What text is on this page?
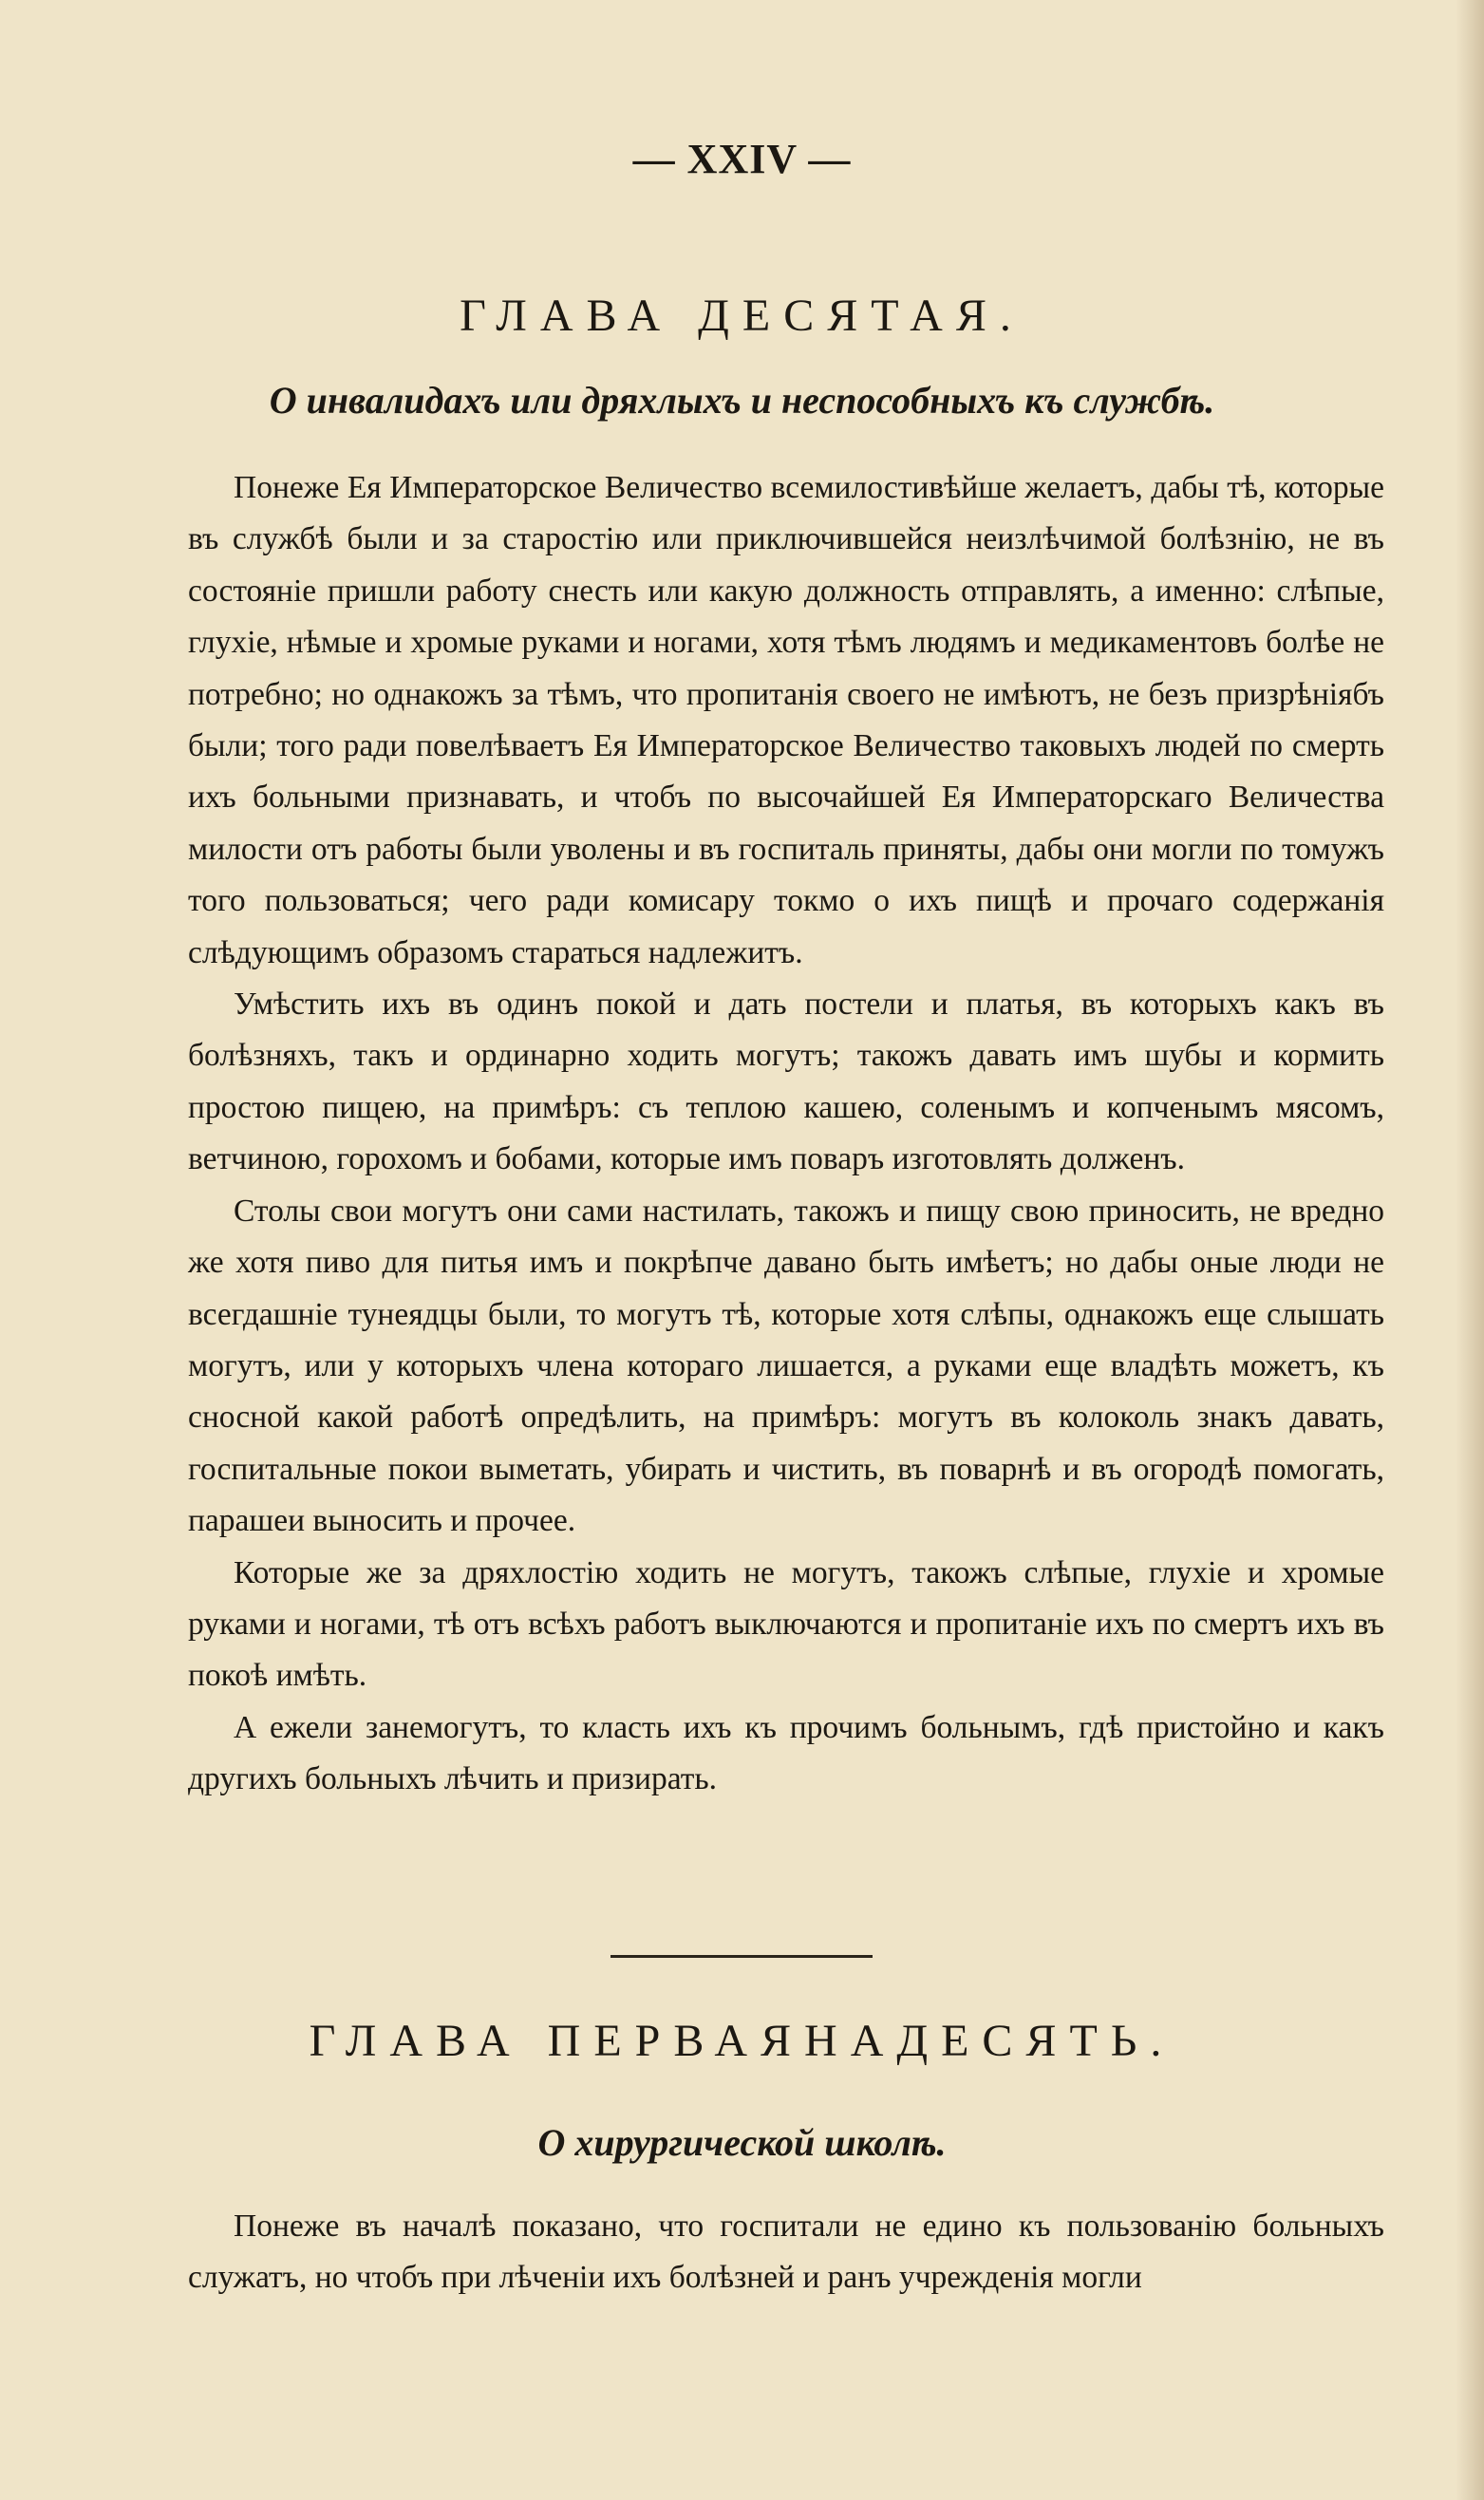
— XXIV —
ГЛАВА ДЕСЯТАЯ.
О инвалидахъ или дряхлыхъ и неспособныхъ къ службѣ.

Понеже Ея Императорское Величество всемилостивѣйше желаетъ, дабы тѣ, которые въ службѣ были и за старостію или приключившейся неизлѣчимой болѣзнію, не въ состояніе пришли работу снесть или какую должность отправлять, а именно: слѣпые, глухіе, нѣмые и хромые руками и ногами, хотя тѣмъ людямъ и медикаментовъ болѣе не потребно; но однакожъ за тѣмъ, что пропитанія своего не имѣютъ, не безъ призрѣніябъ были; того ради повелѣваетъ Ея Императорское Величество таковыхъ людей по смерть ихъ больными признавать, и чтобъ по высочайшей Ея Императорскаго Величества милости отъ работы были уволены и въ госпиталь приняты, дабы они могли по томужъ того пользоваться; чего ради комисару токмо о ихъ пищѣ и прочаго содержанія слѣдующимъ образомъ стараться надлежитъ.

Умѣстить ихъ въ одинъ покой и дать постели и платья, въ которыхъ какъ въ болѣзняхъ, такъ и ординарно ходить могутъ; такожъ давать имъ шубы и кормить простою пищею, на примѣръ: съ теплою кашею, соленымъ и копченымъ мясомъ, ветчиною, горохомъ и бобами, которые имъ поваръ изготовлять долженъ.

Столы свои могутъ они сами настилать, такожъ и пищу свою приносить, не вредно же хотя пиво для питья имъ и покрѣпче давано быть имѣетъ; но дабы оные люди не всегдашніе тунеядцы были, то могутъ тѣ, которые хотя слѣпы, однакожъ еще слышать могутъ, или у которыхъ члена котораго лишается, а руками еще владѣть можетъ, къ сносной какой работѣ опредѣлить, на примѣръ: могутъ въ колоколь знакъ давать, госпитальные покои выметать, убирать и чистить, въ поварнѣ и въ огородѣ помогать, парашеи выносить и прочее.

Которые же за дряхлостію ходить не могутъ, такожъ слѣпые, глухіе и хромые руками и ногами, тѣ отъ всѣхъ работъ выключаются и пропитаніе ихъ по смертъ ихъ въ покоѣ имѣть.

А ежели занемогутъ, то класть ихъ къ прочимъ больнымъ, гдѣ пристойно и какъ другихъ больныхъ лѣчить и призирать.

ГЛАВА ПЕРВАЯНАДЕСЯТЬ.
О хирургической школѣ.

Понеже въ началѣ показано, что госпитали не едино къ пользованію больныхъ служатъ, но чтобъ при лѣченіи ихъ болѣзней и ранъ учрежденія могли
